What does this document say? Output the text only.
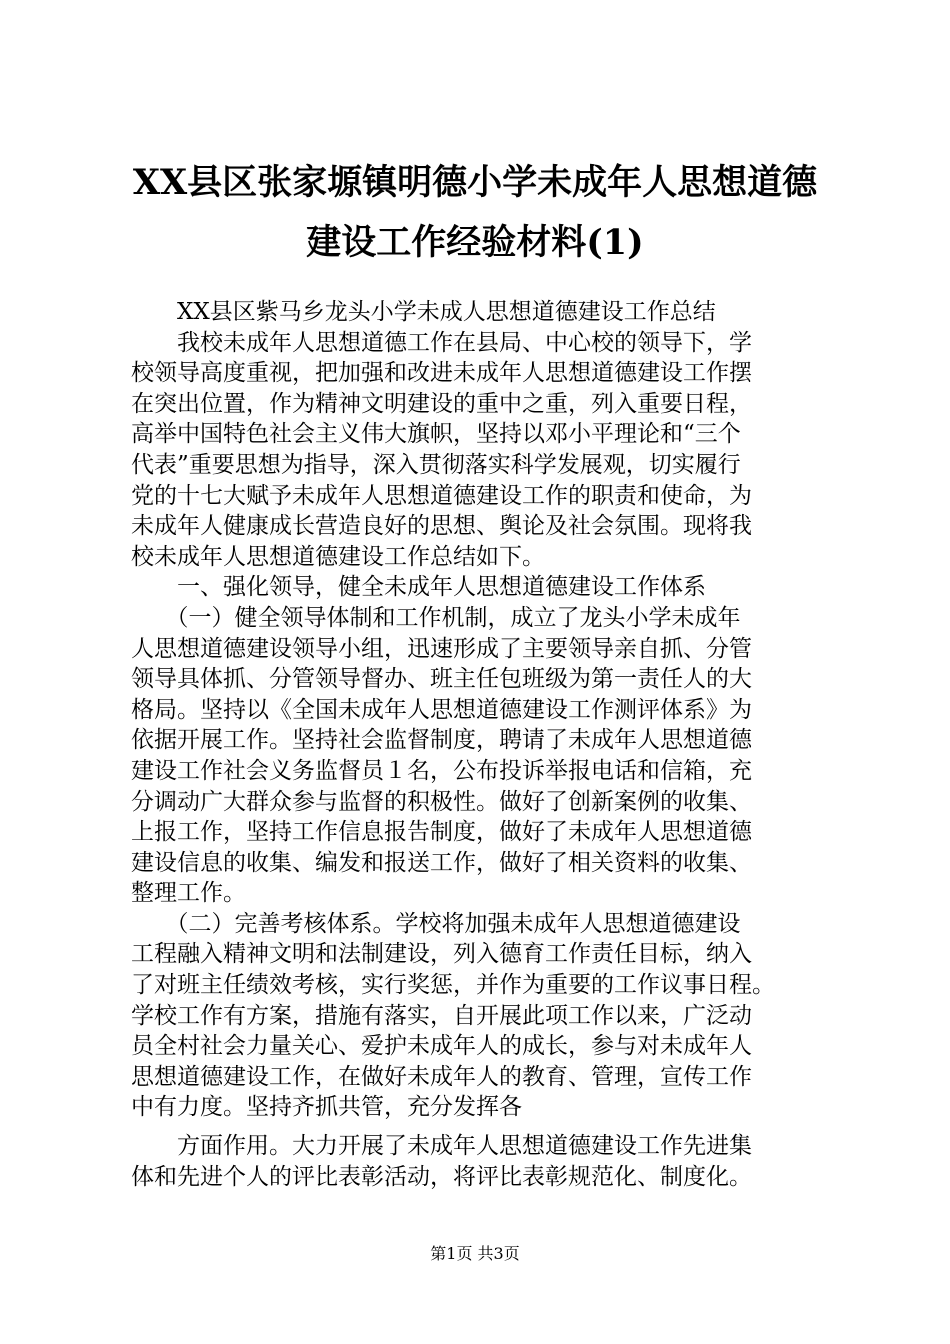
XX县区张家塬镇明德小学未成年人思想道德
建设工作经验材料(1)
　　XX县区紫马乡龙头小学未成人思想道德建设工作总结
　　我校未成年人思想道德工作在县局、中心校的领导下，学
校领导高度重视，把加强和改进未成年人思想道德建设工作摆
在突出位置，作为精神文明建设的重中之重，列入重要日程，
高举中国特色社会主义伟大旗帜，坚持以邓小平理论和“三个
代表”重要思想为指导，深入贯彻落实科学发展观，切实履行
党的十七大赋予未成年人思想道德建设工作的职责和使命，为
未成年人健康成长营造良好的思想、舆论及社会氛围。现将我
校未成年人思想道德建设工作总结如下。
　　一、强化领导，健全未成年人思想道德建设工作体系
　　（一）健全领导体制和工作机制，成立了龙头小学未成年
人思想道德建设领导小组，迅速形成了主要领导亲自抓、分管
领导具体抓、分管领导督办、班主任包班级为第一责任人的大
格局。坚持以《全国未成年人思想道德建设工作测评体系》为
依据开展工作。坚持社会监督制度，聘请了未成年人思想道德
建设工作社会义务监督员１名，公布投诉举报电话和信箱，充
分调动广大群众参与监督的积极性。做好了创新案例的收集、
上报工作，坚持工作信息报告制度，做好了未成年人思想道德
建设信息的收集、编发和报送工作，做好了相关资料的收集、
整理工作。
　　（二）完善考核体系。学校将加强未成年人思想道德建设
工程融入精神文明和法制建设，列入德育工作责任目标，纳入
了对班主任绩效考核，实行奖惩，并作为重要的工作议事日程。
学校工作有方案，措施有落实，自开展此项工作以来，广泛动
员全村社会力量关心、爱护未成年人的成长，参与对未成年人
思想道德建设工作，在做好未成年人的教育、管理，宣传工作
中有力度。坚持齐抓共管，充分发挥各
　　方面作用。大力开展了未成年人思想道德建设工作先进集
体和先进个人的评比表彰活动，将评比表彰规范化、制度化。
第1页 共3页
